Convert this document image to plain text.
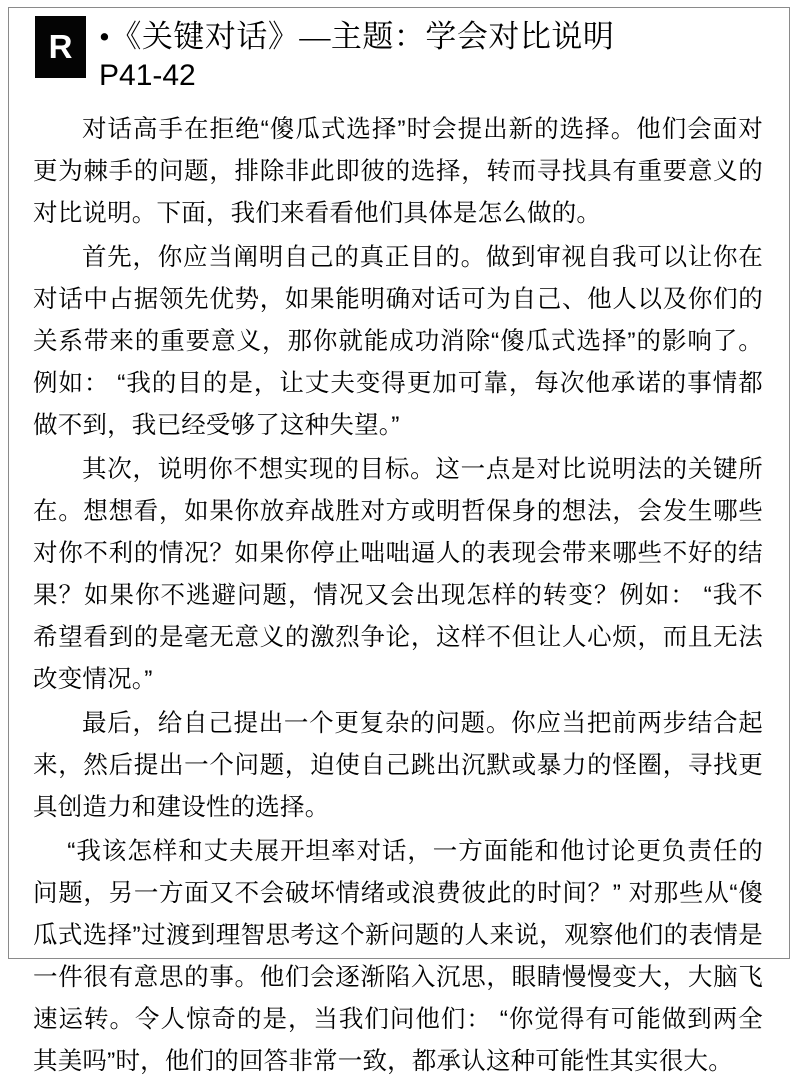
R •《关键对话》—主题：学会对比说明
P41-42

对话高手在拒绝“傻瓜式选择”时会提出新的选择。他们会面对更为棘手的问题，排除非此即彼的选择，转而寻找具有重要意义的对比说明。下面，我们来看看他们具体是怎么做的。

首先，你应当阐明自己的真正目的。做到审视自我可以让你在对话中占据领先优势，如果能明确对话可为自己、他人以及你们的关系带来的重要意义，那你就能成功消除“傻瓜式选择”的影响了。例如： “我的目的是，让丈夫变得更加可靠，每次他承诺的事情都做不到，我已经受够了这种失望。”

其次，说明你不想实现的目标。这一点是对比说明法的关键所在。想想看，如果你放弃战胜对方或明哲保身的想法，会发生哪些对你不利的情况？如果你停止咄咄逼人的表现会带来哪些不好的结果？如果你不逃避问题，情况又会出现怎样的转变？例如： “我不希望看到的是毫无意义的激烈争论，这样不但让人心烦，而且无法改变情况。”

最后，给自己提出一个更复杂的问题。你应当把前两步结合起来，然后提出一个问题，迫使自己跳出沉默或暴力的怪圈，寻找更具创造力和建设性的选择。

“我该怎样和丈夫展开坦率对话，一方面能和他讨论更负责任的问题，另一方面又不会破坏情绪或浪费彼此的时间？” 对那些从“傻瓜式选择”过渡到理智思考这个新问题的人来说，观察他们的表情是一件很有意思的事。他们会逐渐陷入沉思，眼睛慢慢变大，大脑飞速运转。令人惊奇的是，当我们问他们： “你觉得有可能做到两全其美吗”时，他们的回答非常一致，都承认这种可能性其实很大。
